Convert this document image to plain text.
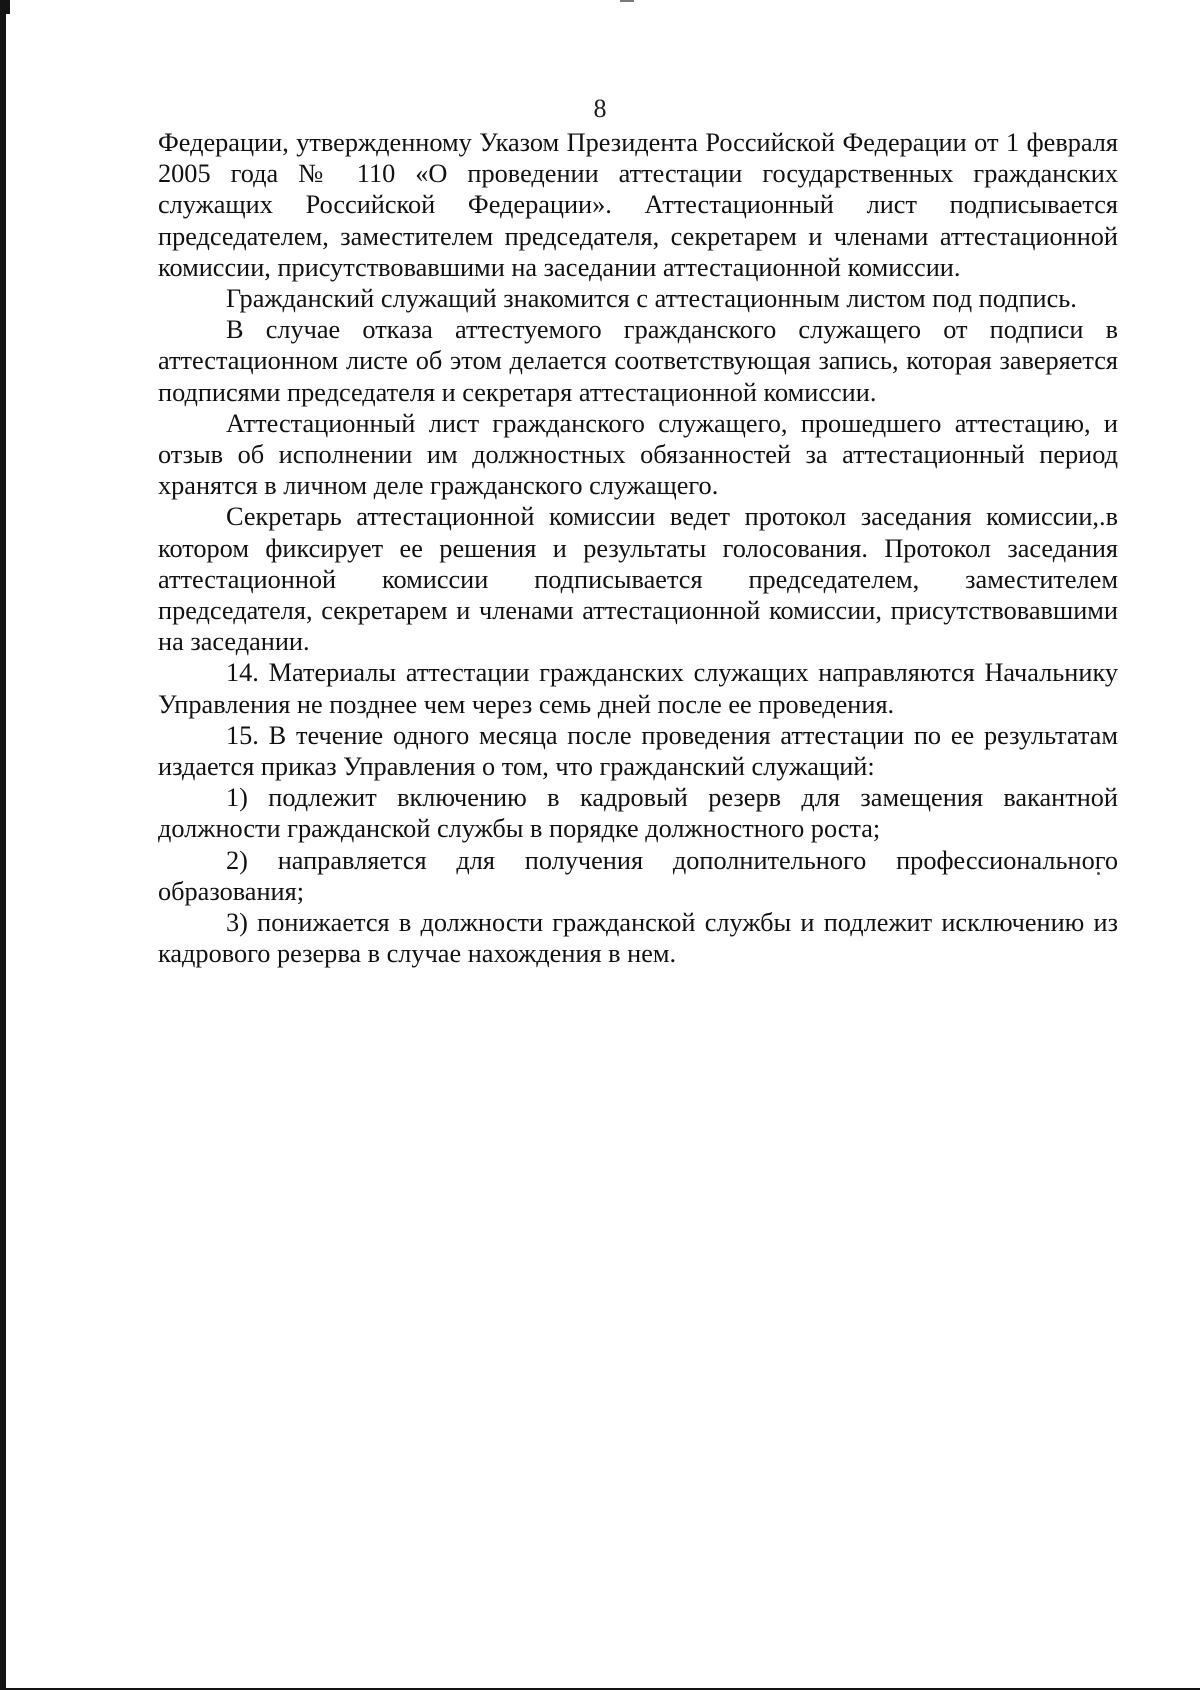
8

Федерации, утвержденному Указом Президента Российской Федерации от 1 февраля 2005 года № 110 «О проведении аттестации государственных гражданских служащих Российской Федерации». Аттестационный лист подписывается председателем, заместителем председателя, секретарем и членами аттестационной комиссии, присутствовавшими на заседании аттестационной комиссии.

Гражданский служащий знакомится с аттестационным листом под подпись.

В случае отказа аттестуемого гражданского служащего от подписи в аттестационном листе об этом делается соответствующая запись, которая заверяется подписями председателя и секретаря аттестационной комиссии.

Аттестационный лист гражданского служащего, прошедшего аттестацию, и отзыв об исполнении им должностных обязанностей за аттестационный период хранятся в личном деле гражданского служащего.

Секретарь аттестационной комиссии ведет протокол заседания комиссии,.в котором фиксирует ее решения и результаты голосования. Протокол заседания аттестационной комиссии подписывается председателем, заместителем председателя, секретарем и членами аттестационной комиссии, присутствовавшими на заседании.

14. Материалы аттестации гражданских служащих направляются Начальнику Управления не позднее чем через семь дней после ее проведения.

15. В течение одного месяца после проведения аттестации по ее результатам издается приказ Управления о том, что гражданский служащий:

1) подлежит включению в кадровый резерв для замещения вакантной должности гражданской службы в порядке должностного роста;

2) направляется для получения дополнительного профессионального образования;

3) понижается в должности гражданской службы и подлежит исключению из кадрового резерва в случае нахождения в нем.
